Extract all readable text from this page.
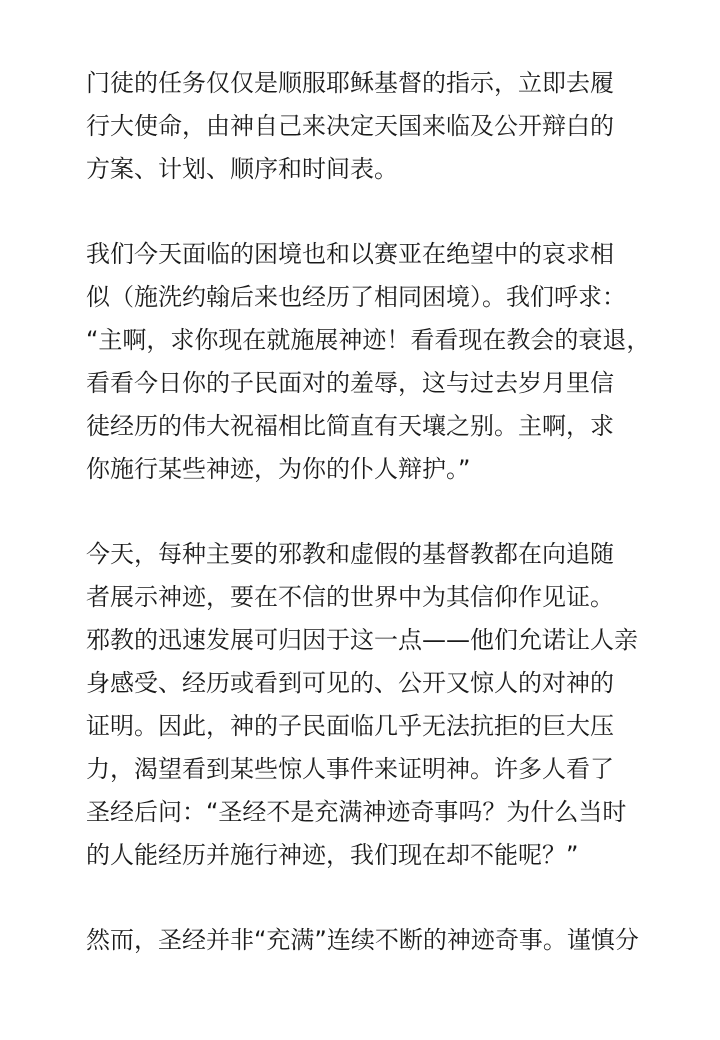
门徒的任务仅仅是顺服耶稣基督的指示，立即去履
行大使命，由神自己来决定天国来临及公开辩白的
方案、计划、顺序和时间表。
我们今天面临的困境也和以赛亚在绝望中的哀求相
似（施洗约翰后来也经历了相同困境）。我们呼求：
“主啊，求你现在就施展神迹！看看现在教会的衰退，
看看今日你的子民面对的羞辱，这与过去岁月里信
徒经历的伟大祝福相比简直有天壤之别。主啊，求
你施行某些神迹，为你的仆人辩护。”
今天，每种主要的邪教和虚假的基督教都在向追随
者展示神迹，要在不信的世界中为其信仰作见证。
邪教的迅速发展可归因于这一点——他们允诺让人亲
身感受、经历或看到可见的、公开又惊人的对神的
证明。因此，神的子民面临几乎无法抗拒的巨大压
力，渴望看到某些惊人事件来证明神。许多人看了
圣经后问：“圣经不是充满神迹奇事吗？为什么当时
的人能经历并施行神迹，我们现在却不能呢？”
然而，圣经并非“充满”连续不断的神迹奇事。谨慎分
